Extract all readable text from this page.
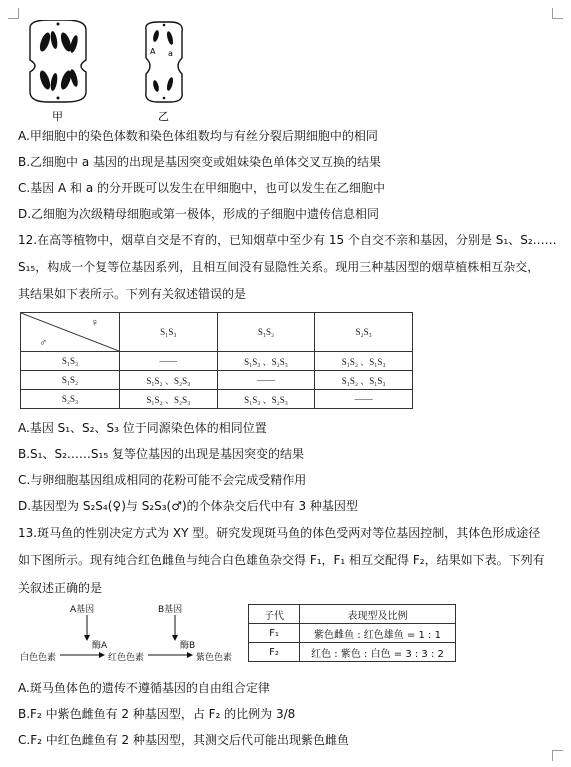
甲
A a
乙
A.甲细胞中的染色体数和染色体组数均与有丝分裂后期细胞中的相同
B.乙细胞中 a 基因的出现是基因突变或姐妹染色单体交叉互换的结果
C.基因 A 和 a 的分开既可以发生在甲细胞中，也可以发生在乙细胞中
D.乙细胞为次级精母细胞或第一极体，形成的子细胞中遗传信息相同
12.在高等植物中，烟草自交是不育的，已知烟草中至少有 15 个自交不亲和基因，分别是 S₁、S₂……
S₁₅，构成一个复等位基因系列，且相互间没有显隐性关系。现用三种基因型的烟草植株相互杂交，
其结果如下表所示。下列有关叙述错误的是
♀
♂	S₁S₃	S₁S₂	S₂S₃
S₁S₃	——	S₁S₃ 、S₂S₃	S₁S₂ 、S₁S₃
S₁S₂	S₁S₂ 、S₂S₃	——	S₁S₂ 、S₁S₃
S₂S₃	S₁S₂ 、S₂S₃	S₁S₃ 、S₂S₃	——
A.基因 S₁、S₂、S₃ 位于同源染色体的相同位置
B.S₁、S₂……S₁₅ 复等位基因的出现是基因突变的结果
C.与卵细胞基因组成相同的花粉可能不会完成受精作用
D.基因型为 S₂S₄(♀)与 S₂S₃(♂)的个体杂交后代中有 3 种基因型
13.斑马鱼的性别决定方式为 XY 型。研究发现斑马鱼的体色受两对等位基因控制，其体色形成途径
如下图所示。现有纯合红色雌鱼与纯合白色雄鱼杂交得 F₁，F₁ 相互交配得 F₂，结果如下表。下列有
关叙述正确的是
A基因	B基因
酶A	酶B
白色色素	红色色素	紫色色素
子代	表现型及比例
F₁	紫色雌鱼 : 红色雄鱼 = 1 : 1
F₂	红色 : 紫色 : 白色 = 3 : 3 : 2
A.斑马鱼体色的遗传不遵循基因的自由组合定律
B.F₂ 中紫色雌鱼有 2 种基因型，占 F₂ 的比例为 3/8
C.F₂ 中红色雌鱼有 2 种基因型，其测交后代可能出现紫色雌鱼
